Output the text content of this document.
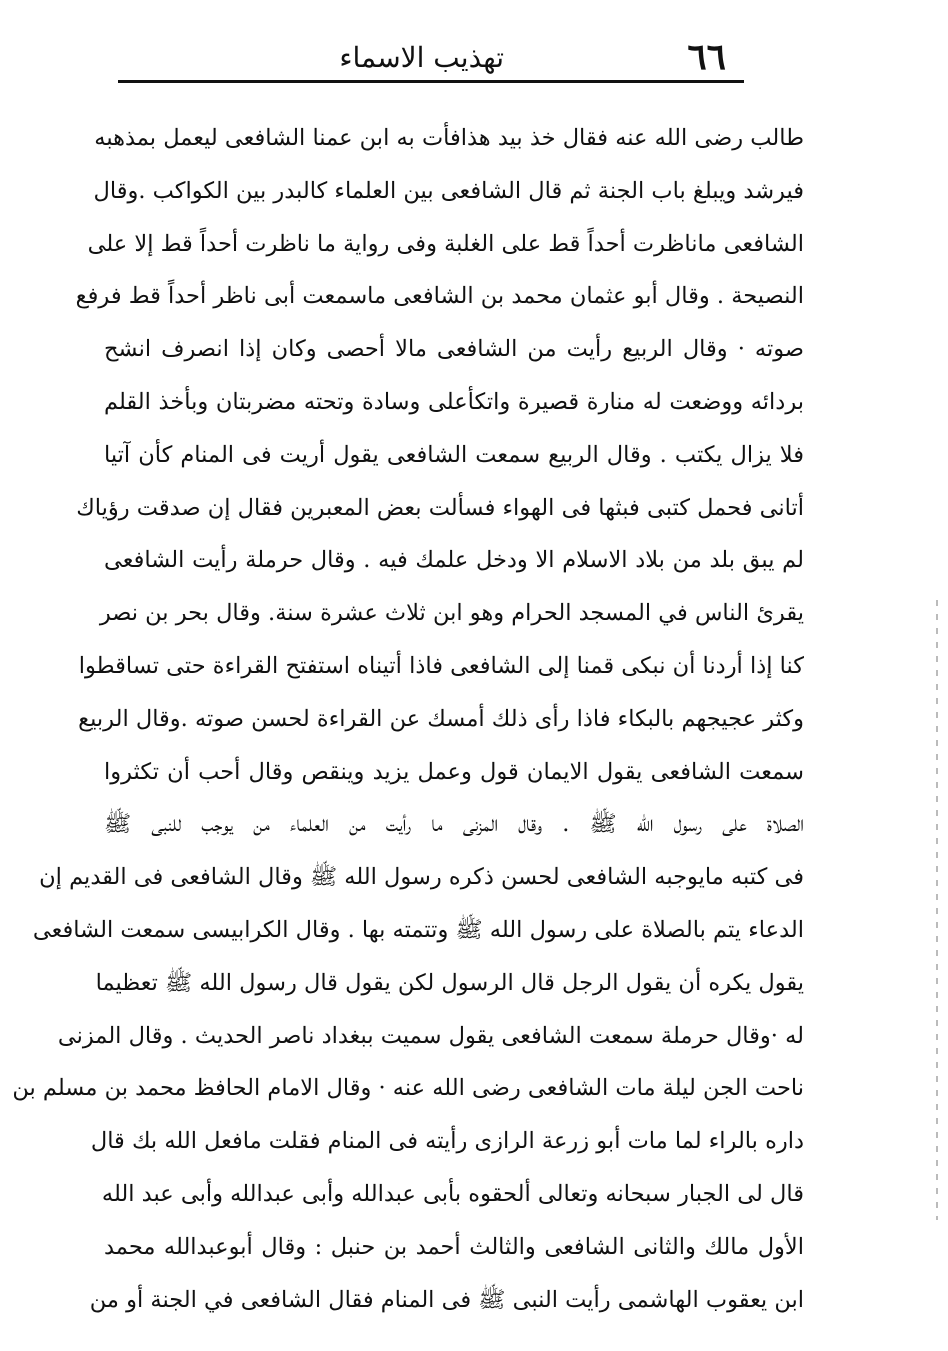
٦٦
تهذيب الاسماء
طالب رضى الله عنه فقال خذ بيد هذافأت به ابن عمنا الشافعى ليعمل بمذهبه
فيرشد ويبلغ باب الجنة ثم قال الشافعى بين العلماء كالبدر بين الكواكب .وقال
الشافعى ماناظرت أحداً قط على الغلبة وفى رواية ما ناظرت أحداً قط إلا على
النصيحة . وقال أبو عثمان محمد بن الشافعى ماسمعت أبى ناظر أحداً قط فرفع
صوته · وقال الربيع رأيت من الشافعى مالا أحصى وكان إذا انصرف انشح
بردائه ووضعت له منارة قصيرة واتكأعلى وسادة وتحته مضربتان وبأخذ القلم
فلا يزال يكتب . وقال الربيع سمعت الشافعى يقول أريت فى المنام كأن آتيا
أتانى فحمل كتبى فبثها فى الهواء فسألت بعض المعبرين فقال إن صدقت رؤياك
لم يبق بلد من بلاد الاسلام الا ودخل علمك فيه . وقال حرملة رأيت الشافعى
يقرئ الناس في المسجد الحرام وهو ابن ثلاث عشرة سنة. وقال بحر بن نصر
كنا إذا أردنا أن نبكى قمنا إلى الشافعى فاذا أتيناه استفتح القراءة حتى تساقطوا
وكثر عجيجهم بالبكاء فاذا رأى ذلك أمسك عن القراءة لحسن صوته .وقال الربيع
سمعت الشافعى يقول الايمان قول وعمل يزيد وينقص وقال أحب أن تكثروا
الصلاة على رسول الله ﷺ . وقال المزنى ما رأيت من العلماء من يوجب للنبى ﷺ
فى كتبه مايوجبه الشافعى لحسن ذكره رسول الله ﷺ وقال الشافعى فى القديم إن
الدعاء يتم بالصلاة على رسول الله ﷺ وتتمته بها . وقال الكرابيسى سمعت الشافعى
يقول يكره أن يقول الرجل قال الرسول لكن يقول قال رسول الله ﷺ تعظيما
له ·وقال حرملة سمعت الشافعى يقول سميت ببغداد ناصر الحديث . وقال المزنى
ناحت الجن ليلة مات الشافعى رضى الله عنه · وقال الامام الحافظ محمد بن مسلم بن
داره بالراء لما مات أبو زرعة الرازى رأيته فى المنام فقلت مافعل الله بك قال
قال لى الجبار سبحانه وتعالى ألحقوه بأبى عبدالله وأبى عبدالله وأبى عبد الله
الأول مالك والثانى الشافعى والثالث أحمد بن حنبل : وقال أبوعبدالله محمد
ابن يعقوب الهاشمى رأيت النبى ﷺ فى المنام فقال الشافعى في الجنة أو من
